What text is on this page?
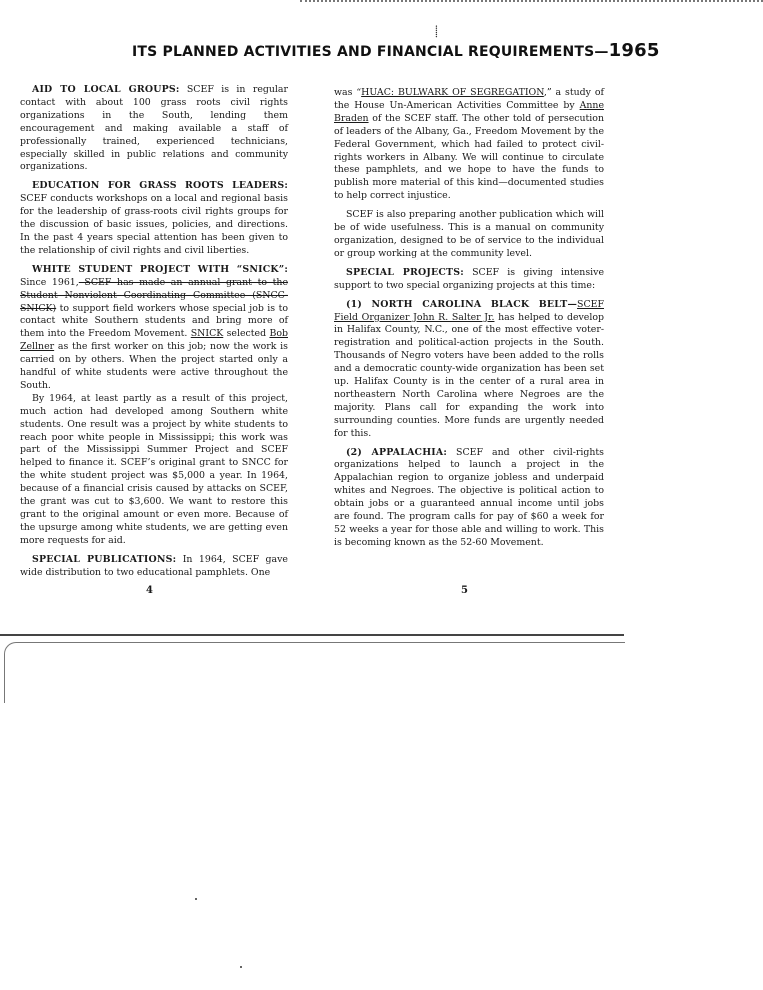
⸽
ITS PLANNED ACTIVITIES AND FINANCIAL REQUIREMENTS—1965

AID TO LOCAL GROUPS: SCEF is in regular contact with about 100 grass roots civil rights organizations in the South, lending them encouragement and making available a staff of professionally trained, experienced technicians, especially skilled in public relations and community organizations.

EDUCATION FOR GRASS ROOTS LEADERS: SCEF conducts workshops on a local and regional basis for the leadership of grass-roots civil rights groups for the discussion of basic issues, policies, and directions. In the past 4 years special attention has been given to the relationship of civil rights and civil liberties.

WHITE STUDENT PROJECT WITH “SNICK”: Since 1961, SCEF has made an annual grant to the Student Nonviolent Coordinating Committee (SNCC-SNICK) to support field workers whose special job is to contact white Southern students and bring more of them into the Freedom Movement. SNICK selected Bob Zellner as the first worker on this job; now the work is carried on by others. When the project started only a handful of white students were active throughout the South.

By 1964, at least partly as a result of this project, much action had developed among Southern white students. One result was a project by white students to reach poor white people in Mississippi; this work was part of the Mississippi Summer Project and SCEF helped to finance it. SCEF’s original grant to SNCC for the white student project was $5,000 a year. In 1964, because of a financial crisis caused by attacks on SCEF, the grant was cut to $3,600. We want to restore this grant to the original amount or even more. Because of the upsurge among white students, we are getting even more requests for aid.

SPECIAL PUBLICATIONS: In 1964, SCEF gave wide distribution to two educational pamphlets. One

4

was “HUAC: BULWARK OF SEGREGATION,” a study of the House Un-American Activities Committee by Anne Braden of the SCEF staff. The other told of persecution of leaders of the Albany, Ga., Freedom Movement by the Federal Government, which had failed to protect civil-rights workers in Albany. We will continue to circulate these pamphlets, and we hope to have the funds to publish more material of this kind—documented studies to help correct injustice.

SCEF is also preparing another publication which will be of wide usefulness. This is a manual on community organization, designed to be of service to the individual or group working at the community level.

SPECIAL PROJECTS: SCEF is giving intensive support to two special organizing projects at this time:

(1) NORTH CAROLINA BLACK BELT—SCEF Field Organizer John R. Salter Jr. has helped to develop in Halifax County, N.C., one of the most effective voter-registration and political-action projects in the South. Thousands of Negro voters have been added to the rolls and a democratic county-wide organization has been set up. Halifax County is in the center of a rural area in northeastern North Carolina where Negroes are the majority. Plans call for expanding the work into surrounding counties. More funds are urgently needed for this.

(2) APPALACHIA: SCEF and other civil-rights organizations helped to launch a project in the Appalachian region to organize jobless and underpaid whites and Negroes. The objective is political action to obtain jobs or a guaranteed annual income until jobs are found. The program calls for pay of $60 a week for 52 weeks a year for those able and willing to work. This is becoming known as the 52-60 Movement.

5
